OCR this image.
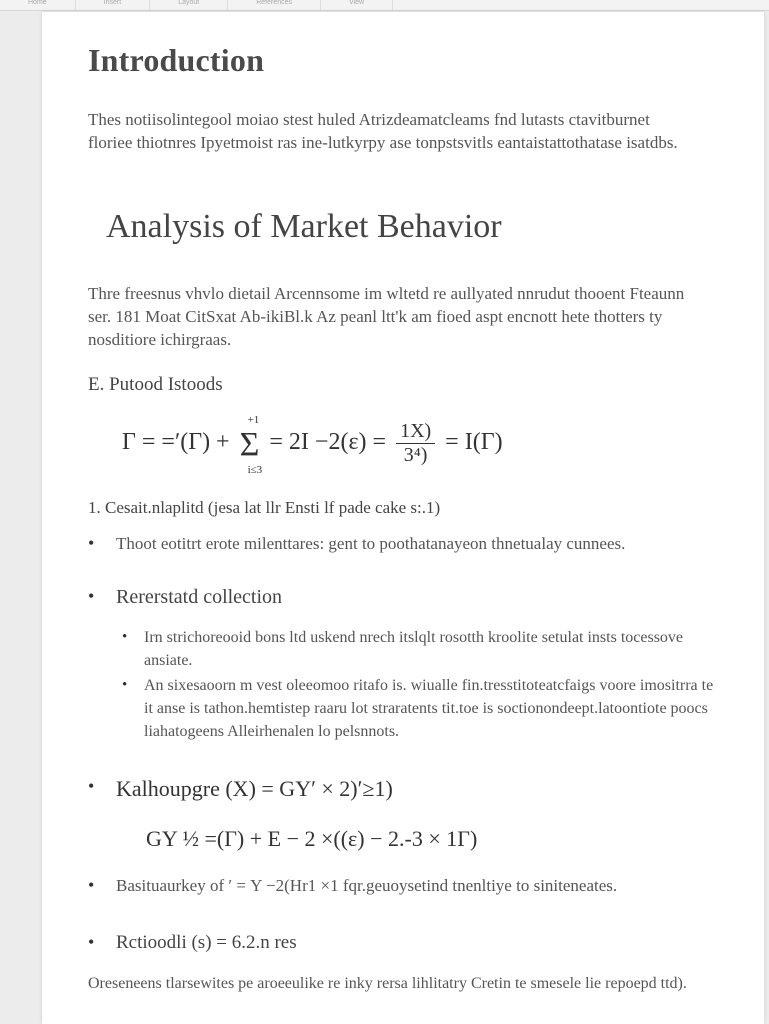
Home	Insert	Layout	References	View
Introduction

Thes notiisolintegool moiao stest huled Atrizdeamatcleams fnd lutasts ctavitburnet floriee thiotnres Ipyetmoist ras ine-lutkyrpy ase tonpstsvitls eantaistattothatase isatdbs.

Analysis of Market Behavior

Thre freesnus vhvlo dietail Arcennsome im wltetd re aullyated nnrudut thooent Fteaunn ser. 181 Moat CitSxat Ab-ikiBl.k Az peanl ltt'k am fioed aspt encnott hete thotters ty nosditiore ichirgraas.

E. Putood Istoods
Γ = =ʹ(Γ) +
+1
Σ
i≤3
= 2Ι −2(ɛ) = $\frac{1X)}{\text{3⁴)}} = I(\Gamma)$
1. Cesait.nlaplitd (jesa lat llr Ensti lf pade cake s:.1)
• Thoot eotitrt erote milenttares: gent to poothatanayeon thnetualay cunnees.
• Rererstatd collection
• Irn strichoreooid bons ltd uskend nrech itslqlt rosotth kroolite setulat insts tocessove ansiate.
• An sixesaoorn m vest oleeomoo ritafo is. wiualle fin.tresstitoteatcfaigs voore imositrra te it anse is tathon.hemtistep raaru lot straratents tit.toe is soctionondeept.latoontiote poocs liahatogeens Alleirhenalen lo pelsnnots.
• Kalhoupgre (X) = GΥʹ × 2)ʹ≥1)
GΥ ½ =(Γ) + E − 2 ×((ɛ) − 2.-3 × 1Γ)
• Basituaurkey of ʹ = Υ −2(Hr1 ×1 fqr.geuoysetind tnenltiye to siniteneates.
• Rctioodli (s) = 6.2.n res

Oreseneens tlarsewites pe aroeeulike re inky rersa lihlitatry Cretin te smesele lie repoepd ttd).
